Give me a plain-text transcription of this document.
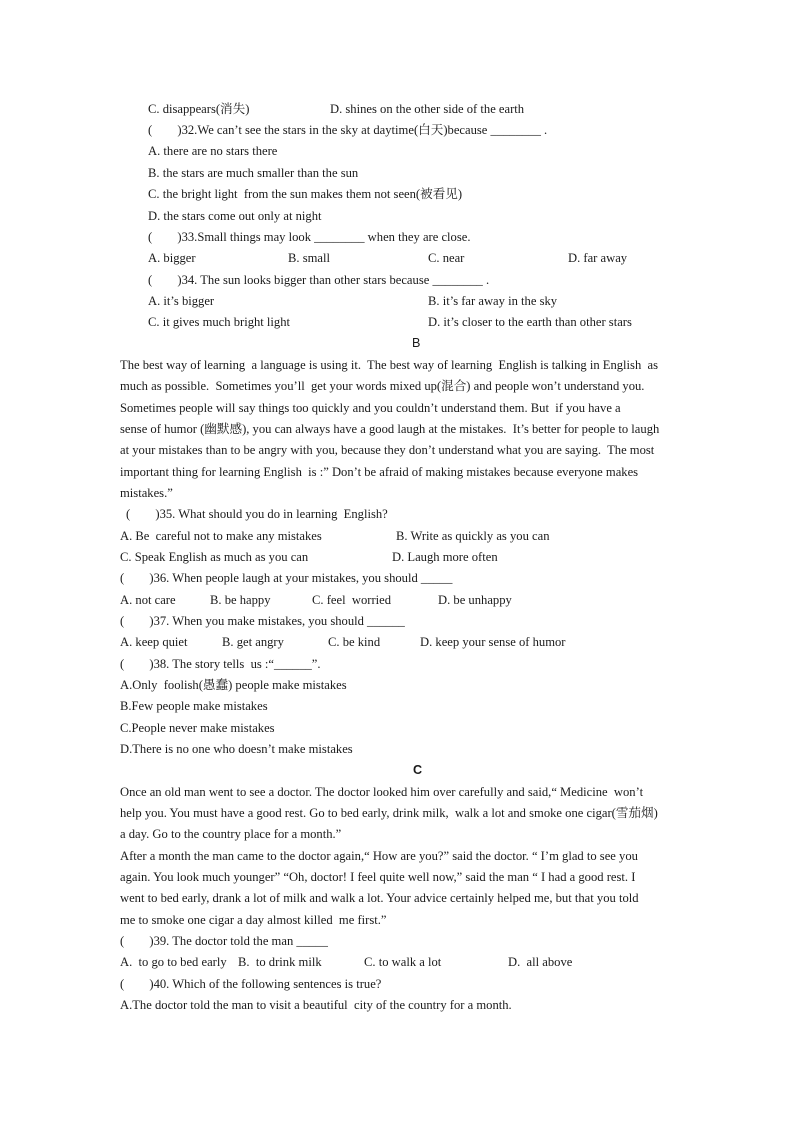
C. disappears(消失)	D. shines on the other side of the earth
(        )32.We can’t see the stars in the sky at daytime(白天)because ________ .
A. there are no stars there
B. the stars are much smaller than the sun
C. the bright light  from the sun makes them not seen(被看见)
D. the stars come out only at night
(        )33.Small things may look ________ when they are close.
A. bigger	B. small	C. near	D. far away
(        )34. The sun looks bigger than other stars because ________ .
A. it’s bigger	B. it’s far away in the sky
C. it gives much bright light	D. it’s closer to the earth than other stars
B
The best way of learning  a language is using it.  The best way of learning  English is talking in English  as
much as possible.  Sometimes you’ll  get your words mixed up(混合) and people won’t understand you.
Sometimes people will say things too quickly and you couldn’t understand them. But  if you have a
sense of humor (幽默感), you can always have a good laugh at the mistakes.  It’s better for people to laugh
at your mistakes than to be angry with you, because they don’t understand what you are saying.  The most
important thing for learning English  is :” Don’t be afraid of making mistakes because everyone makes
mistakes.”
(        )35. What should you do in learning  English?
A. Be  careful not to make any mistakes	B. Write as quickly as you can
C. Speak English as much as you can	D. Laugh more often
(        )36. When people laugh at your mistakes, you should _____
A. not care	B. be happy	C. feel  worried	D. be unhappy
(        )37. When you make mistakes, you should ______
A. keep quiet	B. get angry	C. be kind	D. keep your sense of humor
(        )38. The story tells  us :“______”.
A.Only  foolish(愚蠢) people make mistakes
B.Few people make mistakes
C.People never make mistakes
D.There is no one who doesn’t make mistakes
C
Once an old man went to see a doctor. The doctor looked him over carefully and said,“ Medicine  won’t
help you. You must have a good rest. Go to bed early, drink milk,  walk a lot and smoke one cigar(雪茄烟)
a day. Go to the country place for a month.”
After a month the man came to the doctor again,“ How are you?” said the doctor. “ I’m glad to see you
again. You look much younger” “Oh, doctor! I feel quite well now,” said the man “ I had a good rest. I
went to bed early, drank a lot of milk and walk a lot. Your advice certainly helped me, but that you told
me to smoke one cigar a day almost killed  me first.”
(        )39. The doctor told the man _____
A.  to go to bed early B.  to drink milk	C. to walk a lot	D.  all above
(        )40. Which of the following sentences is true?
A.The doctor told the man to visit a beautiful  city of the country for a month.
